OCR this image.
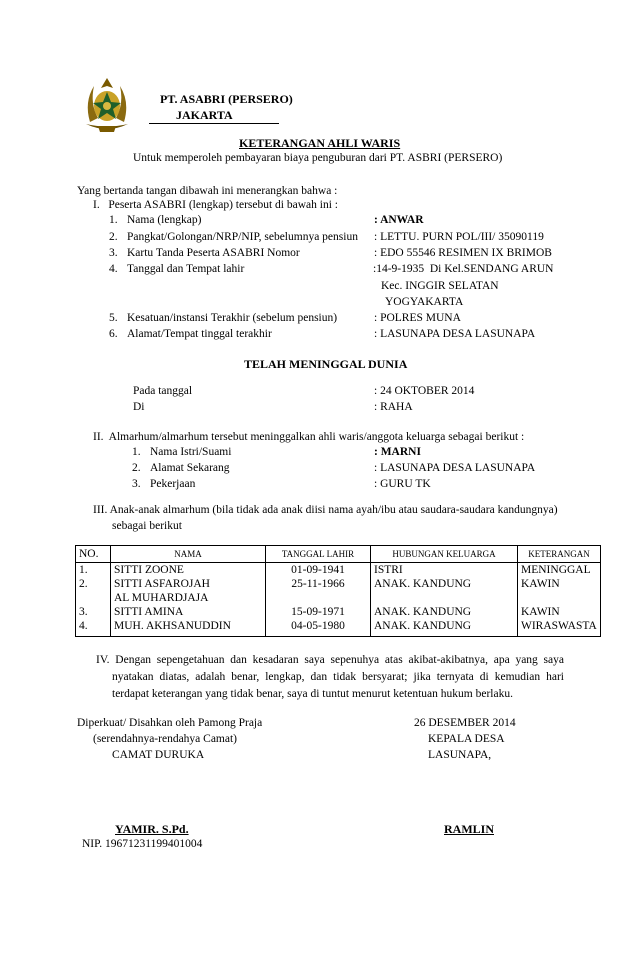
PT. ASABRI (PERSERO)
JAKARTA
KETERANGAN AHLI WARIS
Untuk memperoleh pembayaran biaya penguburan dari PT. ASBRI (PERSERO)
Yang bertanda tangan dibawah ini menerangkan bahwa :
I.   Peserta ASABRI (lengkap) tersebut di bawah ini :
1. Nama (lengkap)	: ANWAR
2. Pangkat/Golongan/NRP/NIP, sebelumnya pensiun : LETTU. PURN POL/III/ 35090119
3. Kartu Tanda Peserta ASABRI Nomor	: EDO 55546 RESIMEN IX BRIMOB
4. Tanggal dan Tempat lahir	:14-9-1935  Di Kel.SENDANG ARUN
Kec. INGGIR SELATAN
YOGYAKARTA
5. Kesatuan/instansi Terakhir (sebelum pensiun)	: POLRES MUNA
6. Alamat/Tempat tinggal terakhir	: LASUNAPA DESA LASUNAPA
TELAH MENINGGAL DUNIA
Pada tanggal	: 24 OKTOBER 2014
Di	: RAHA
II.  Almarhum/almarhum tersebut meninggalkan ahli waris/anggota keluarga sebagai berikut :
1. Nama Istri/Suami	: MARNI
2. Alamat Sekarang	: LASUNAPA DESA LASUNAPA
3. Pekerjaan	: GURU TK
III. Anak-anak almarhum (bila tidak ada anak diisi nama ayah/ibu atau saudara-saudara kandungnya)
sebagai berikut
NO.	NAMA	TANGGAL LAHIR	HUBUNGAN KELUARGA	KETERANGAN
1.	SITTI ZOONE	01-09-1941	ISTRI	MENINGGAL
2.	SITTI ASFAROJAH	25-11-1966	ANAK. KANDUNG	KAWIN
	AL MUHARDJAJA			
3.	SITTI AMINA	15-09-1971	ANAK. KANDUNG	KAWIN
4.	MUH. AKHSANUDDIN	04-05-1980	ANAK. KANDUNG	WIRASWASTA
IV. Dengan sepengetahuan dan kesadaran saya sepenuhya atas akibat-akibatnya, apa yang saya
nyatakan diatas, adalah benar, lengkap, dan tidak bersyarat; jika ternyata di kemudian hari
terdapat keterangan yang tidak benar, saya di tuntut menurut ketentuan hukum berlaku.
Diperkuat/ Disahkan oleh Pamong Praja
(serendahnya-rendahya Camat)
CAMAT DURUKA
26 DESEMBER 2014
KEPALA DESA
LASUNAPA,
YAMIR. S.Pd.
NIP. 19671231199401004
RAMLIN
